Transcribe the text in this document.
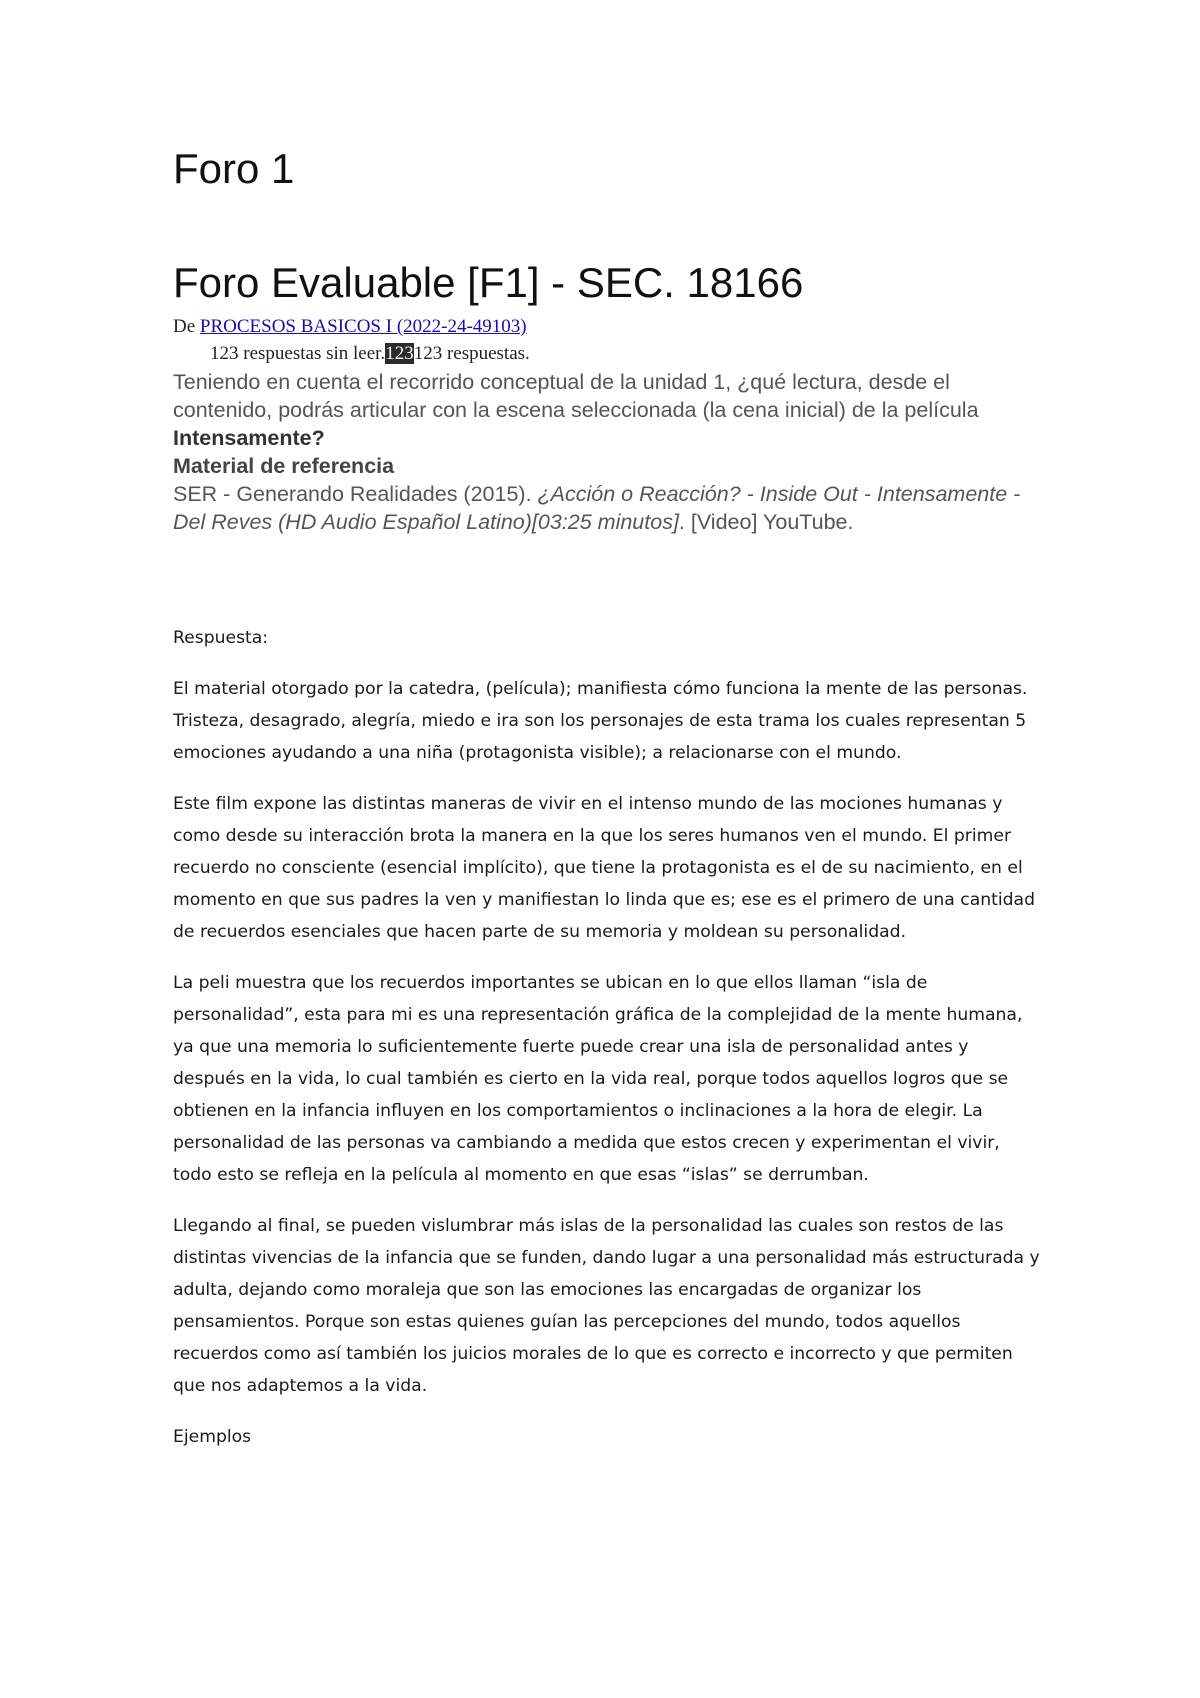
Foro 1
Foro Evaluable [F1] - SEC. 18166
De PROCESOS BASICOS I (2022-24-49103)
123 respuestas sin leer.123123 respuestas.
Teniendo en cuenta el recorrido conceptual de la unidad 1, ¿qué lectura, desde el contenido, podrás articular con la escena seleccionada (la cena inicial) de la película Intensamente?
Material de referencia
SER - Generando Realidades (2015). ¿Acción o Reacción? - Inside Out - Intensamente - Del Reves (HD Audio Español Latino)[03:25 minutos]. [Video] YouTube.

Respuesta:

El material otorgado por la catedra, (película); manifiesta cómo funciona la mente de las personas. Tristeza, desagrado, alegría, miedo e ira son los personajes de esta trama los cuales representan 5 emociones ayudando a una niña (protagonista visible); a relacionarse con el mundo.

Este film expone las distintas maneras de vivir en el intenso mundo de las mociones humanas y como desde su interacción brota la manera en la que los seres humanos ven el mundo. El primer recuerdo no consciente (esencial implícito), que tiene la protagonista es el de su nacimiento, en el momento en que sus padres la ven y manifiestan lo linda que es; ese es el primero de una cantidad de recuerdos esenciales que hacen parte de su memoria y moldean su personalidad.

La peli muestra que los recuerdos importantes se ubican en lo que ellos llaman “isla de personalidad”, esta para mi es una representación gráfica de la complejidad de la mente humana, ya que una memoria lo suficientemente fuerte puede crear una isla de personalidad antes y después en la vida, lo cual también es cierto en la vida real, porque todos aquellos logros que se obtienen en la infancia influyen en los comportamientos o inclinaciones a la hora de elegir. La personalidad de las personas va cambiando a medida que estos crecen y experimentan el vivir, todo esto se refleja en la película al momento en que esas “islas” se derrumban.

Llegando al final, se pueden vislumbrar más islas de la personalidad las cuales son restos de las distintas vivencias de la infancia que se funden, dando lugar a una personalidad más estructurada y adulta, dejando como moraleja que son las emociones las encargadas de organizar los pensamientos. Porque son estas quienes guían las percepciones del mundo, todos aquellos recuerdos como así también los juicios morales de lo que es correcto e incorrecto y que permiten que nos adaptemos a la vida.

Ejemplos
